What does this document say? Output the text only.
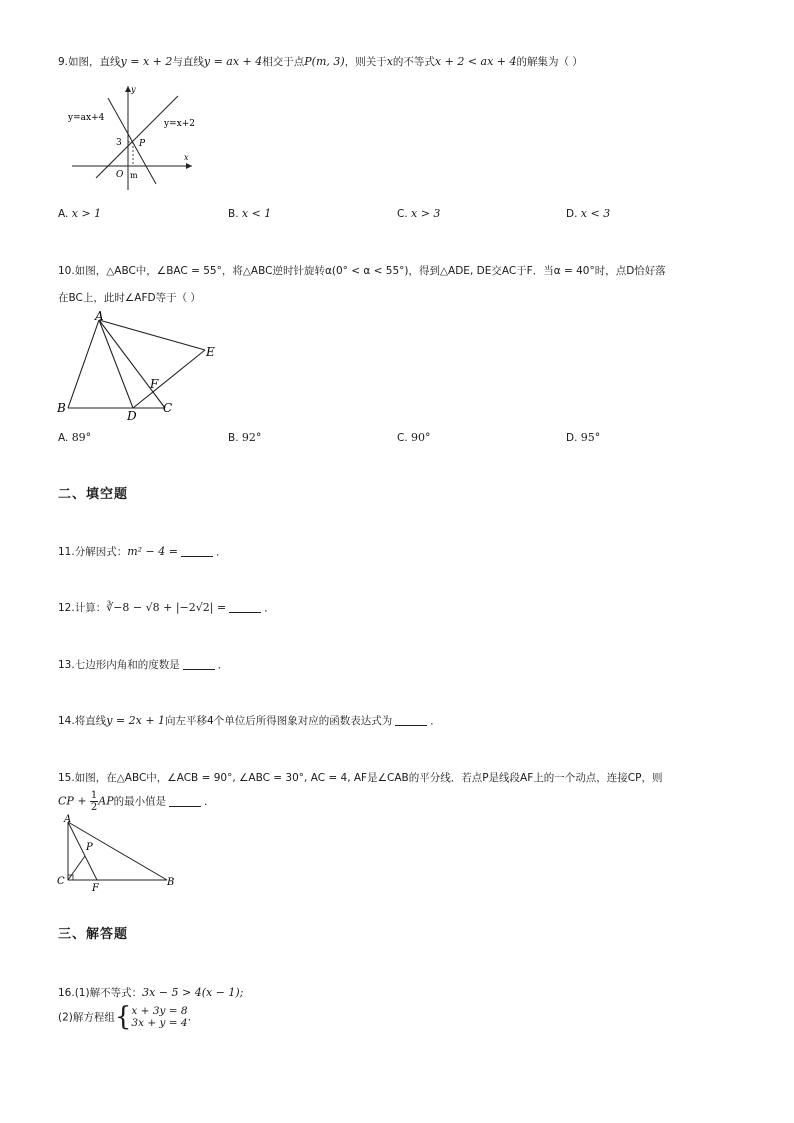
9.如图，直线y = x + 2与直线y = ax + 4相交于点P(m, 3)，则关于x的不等式x + 2 < ax + 4的解集为（ ）
y=ax+4
y=x+2
y
x
O
P
3
m
A. x > 1	B. x < 1	C. x > 3	D. x < 3
10.如图，△ABC中，∠BAC = 55°，将△ABC逆时针旋转α(0° < α < 55°)，得到△ADE, DE交AC于F．当α = 40°时，点D恰好落
在BC上，此时∠AFD等于（ ）
A
B	C
D
E
F
A. 89°	B. 92°	C. 90°	D. 95°
二、填空题
11.分解因式：m² − 4 =	．
12.计算：∛−8 − √8 + |−2√2| =	．
13.七边形内角和的度数是	．
14.将直线y = 2x + 1向左平移4个单位后所得图象对应的函数表达式为	．
15.如图，在△ABC中，∠ACB = 90°, ∠ABC = 30°, AC = 4, AF是∠CAB的平分线．若点P是线段AF上的一个动点，连接CP，则
CP + $\frac{1}{2}$ AP的最小值是	．
A
P
C
F
B
三、解答题
16.(1)解不等式：3x − 5 > 4(x − 1);
(2)解方程组{ x + 3y = 8
3x + y = 4 .
